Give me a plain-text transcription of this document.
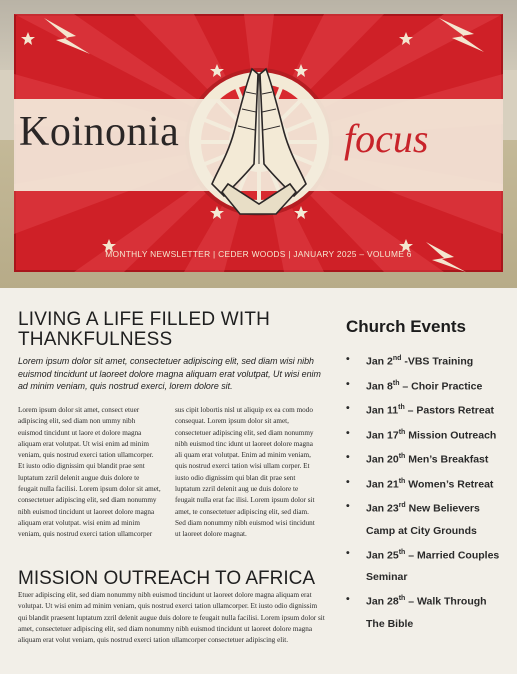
Koinonia	focus
MONTHLY NEWSLETTER | CEDER WOODS | JANUARY 2025 – VOLUME 6
LIVING A LIFE FILLED WITH
THANKFULNESS

Lorem ipsum dolor sit amet, consectetuer adipiscing elit, sed diam wisi nibh euismod tincidunt ut laoreet dolore magna aliquam erat volutpat, Ut wisi enim ad minim veniam, quis nostrud exerci, lorem dolore sit.

Lorem ipsum dolor sit amet, consect etuer adipiscing elit, sed diam non ummy nibh euismod tincidunt ut laore et dolore magna aliquam erat volutpat. Ut wisi enim ad minim veniam, quis nostrud exerci tation ullamcorper. Et iusto odio dignissim qui blandit prae sent luptatum zzril delenit augue duis dolore te feugait nulla facilisi. Lorem ipsum dolor sit amet, consectetuer adipiscing elit, sed diam nonummy nibh euismod tincidunt ut laoreet dolore magna aliquam erat volutpat. wisi enim ad minim veniam, quis nostrud exerci tation ullamcorper
sus cipit lobortis nisl ut aliquip ex ea com modo consequat. Lorem ipsum dolor sit amet, consectetuer adipiscing elit, sed diam nonummy nibh euismod tinc idunt ut laoreet dolore magna ali quam erat volutpat. Enim ad minim veniam, quis nostrud exerci tation wisi ullam corper. Et iusto odio dignissim qui blan dit prae sent luptatum zzril delenit aug ue duis dolore te feugait nulla erat fac ilisi. Lorem ipsum dolor sit amet, te consectetuer adipiscing elit, sed diam. Sed diam nonummy nibh euismod wisi tincidunt ut laoreet dolore magnat.
MISSION OUTREACH TO AFRICA
Etuer adipiscing elit, sed diam nonummy nibh euismod tincidunt ut laoreet dolore magna aliquam erat volutpat. Ut wisi enim ad minim veniam, quis nostrud exerci tation ullamcorper. Et iusto odio dignissim qui blandit praesent luptatum zzril delenit augue duis dolore te feugait nulla facilisi. Lorem ipsum dolor sit amet, consectetuer adipiscing elit, sed diam nonummy nibh euismod tincidunt ut laoreet dolore magna aliquam erat volut veniam, quis nostrud exerci tation ullamcorper consectetuer adipiscing elit.
Church Events
• Jan 2nd -VBS Training
• Jan 8th – Choir Practice
• Jan 11th – Pastors Retreat
• Jan 17th Mission Outreach
• Jan 20th Men’s Breakfast
• Jan 21th Women’s Retreat
• Jan 23rd New Believers Camp at City Grounds
• Jan 25th – Married Couples Seminar
• Jan 28th – Walk Through The Bible
